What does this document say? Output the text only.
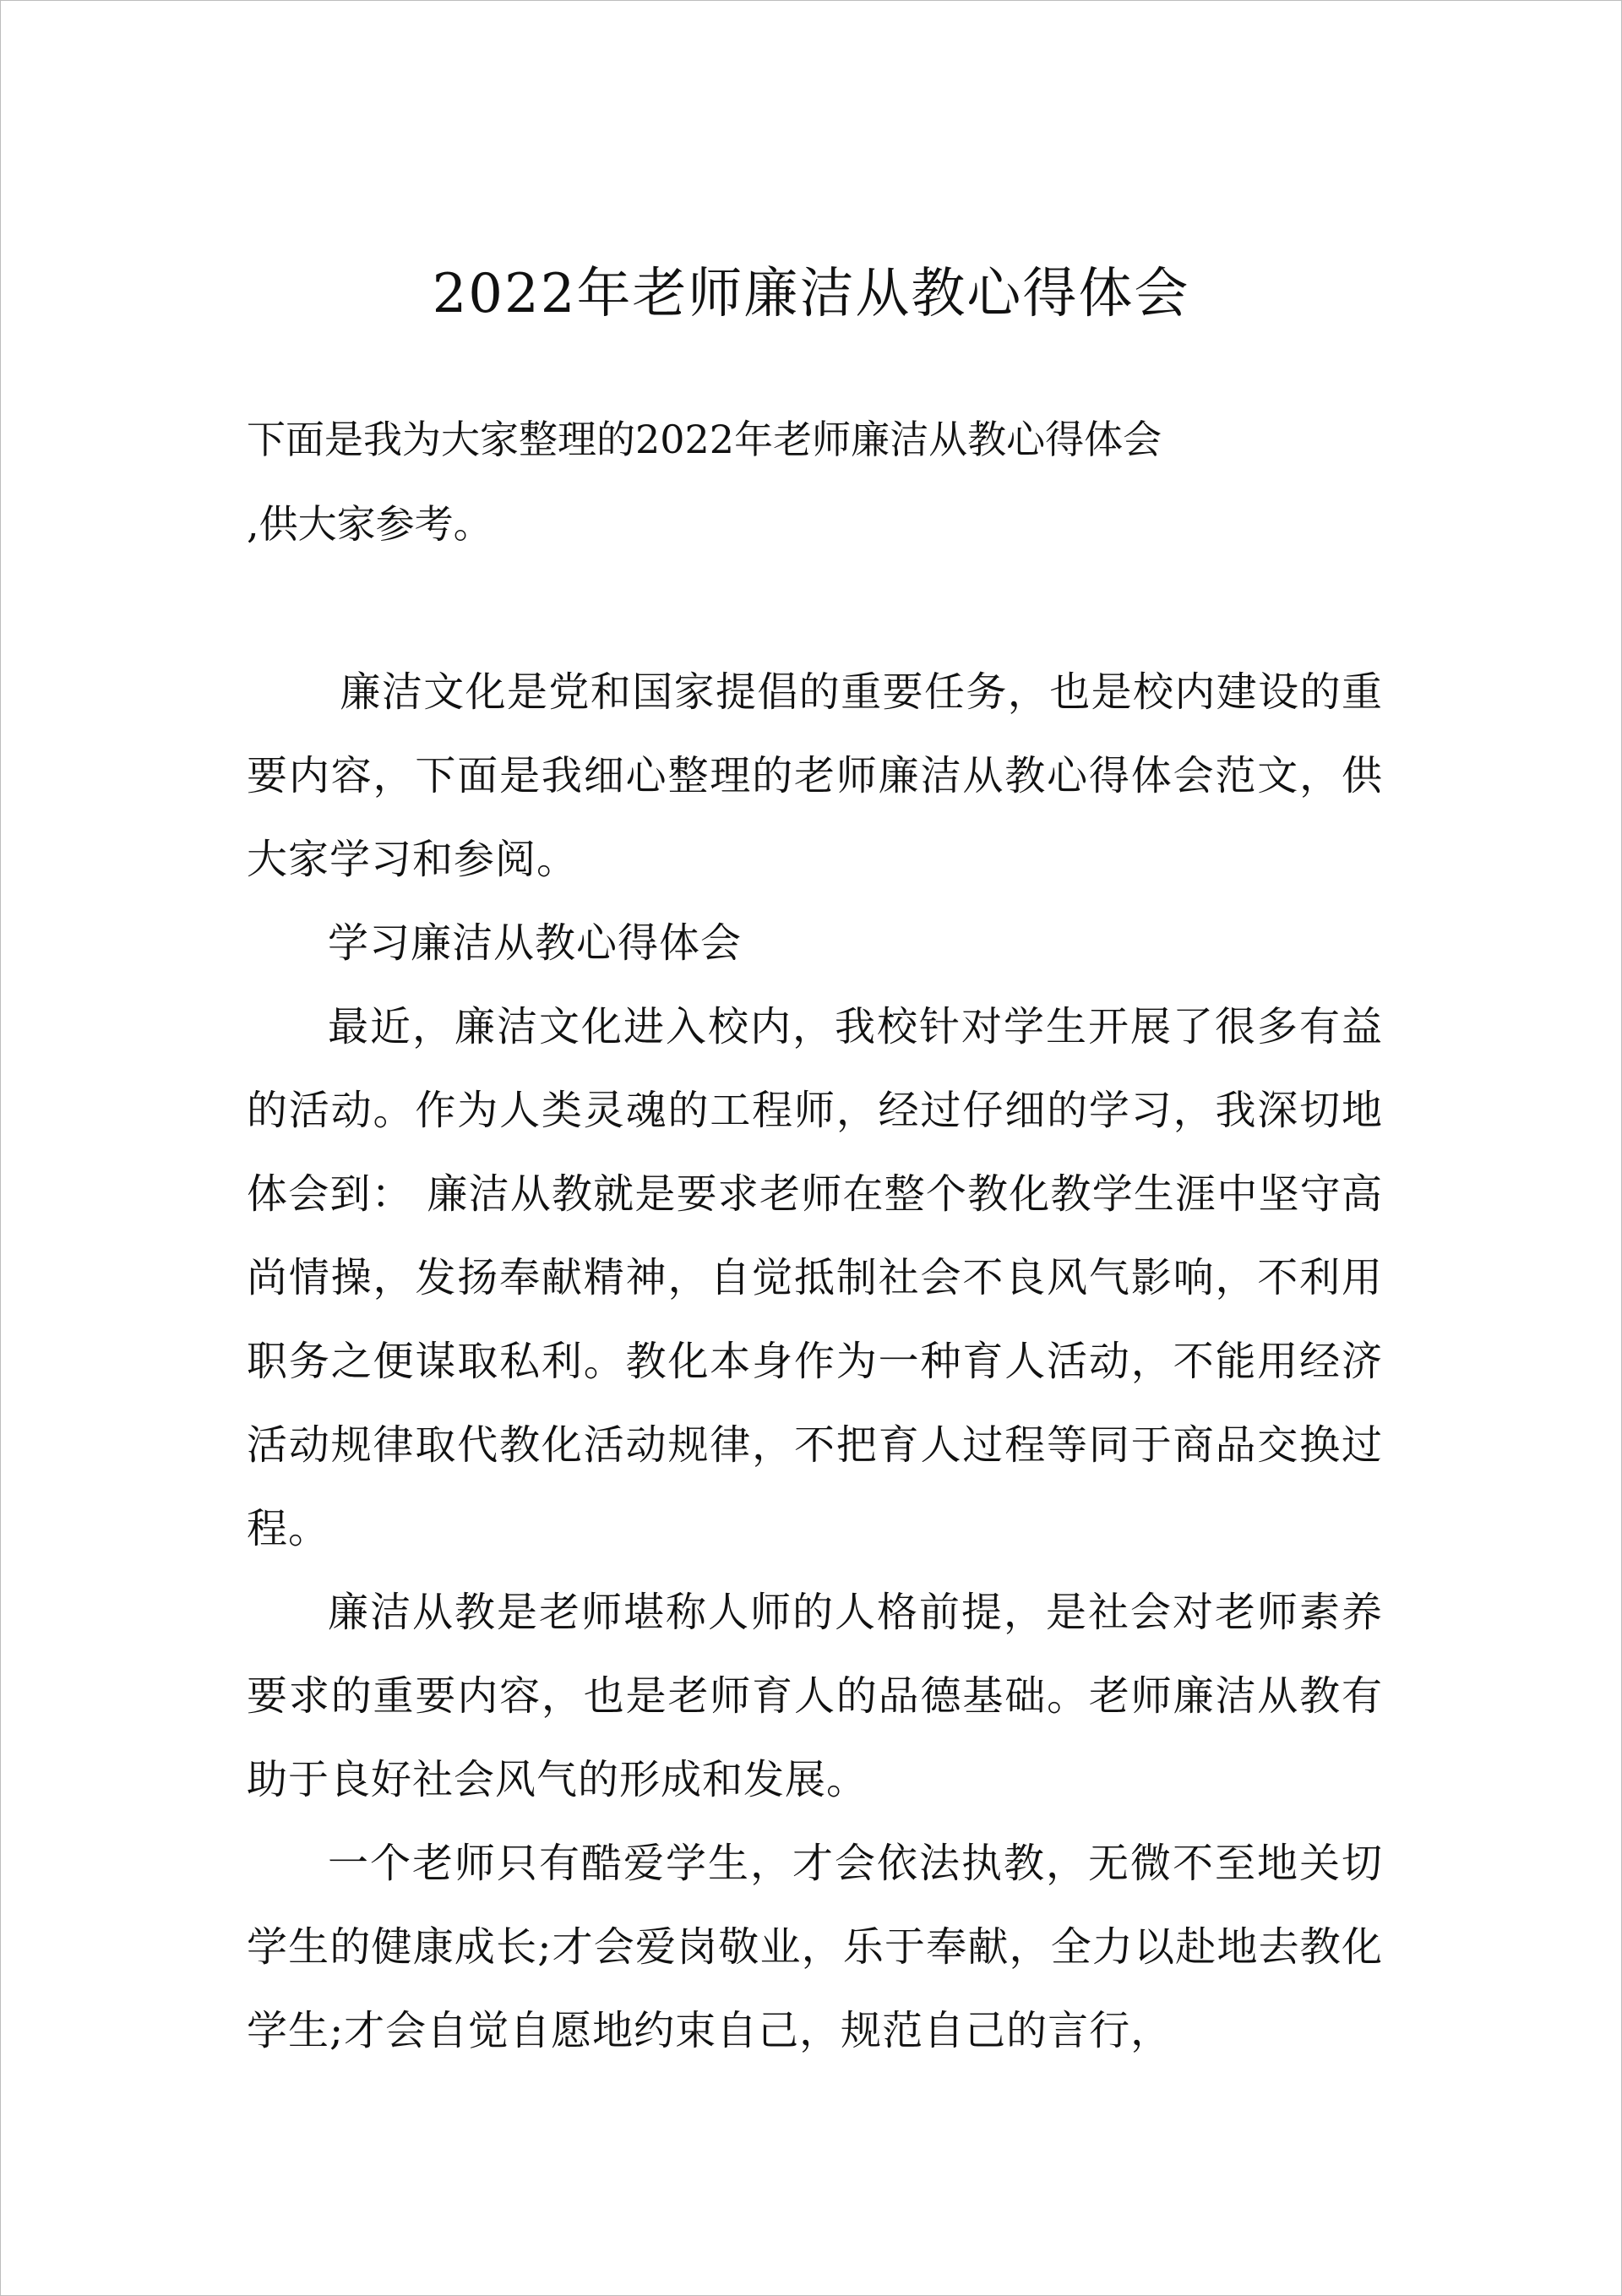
2022年老师廉洁从教心得体会
下面是我为大家整理的2022年老师廉洁从教心得体会
,供大家参考。

廉洁文化是党和国家提倡的重要任务，也是校内建设的重要内容，下面是我细心整理的老师廉洁从教心得体会范文，供大家学习和参阅。

学习廉洁从教心得体会

最近，廉洁文化进入校内，我校针对学生开展了很多有益的活动。作为人类灵魂的工程师，经过仔细的学习，我深切地体会到： 廉洁从教就是要求老师在整个教化教学生涯中坚守高尚情操，发扬奉献精神，自觉抵制社会不良风气影响，不利用职务之便谋取私利。教化本身作为一种育人活动，不能用经济活动规律取代教化活动规律，不把育人过程等同于商品交换过程。

廉洁从教是老师堪称人师的人格前提，是社会对老师素养要求的重要内容，也是老师育人的品德基础。老师廉洁从教有助于良好社会风气的形成和发展。

一个老师只有酷爱学生，才会依法执教，无微不至地关切学生的健康成长;才会爱岗敬业，乐于奉献，全力以赴地去教化学生;才会自觉自愿地约束自己，规范自己的言行，
